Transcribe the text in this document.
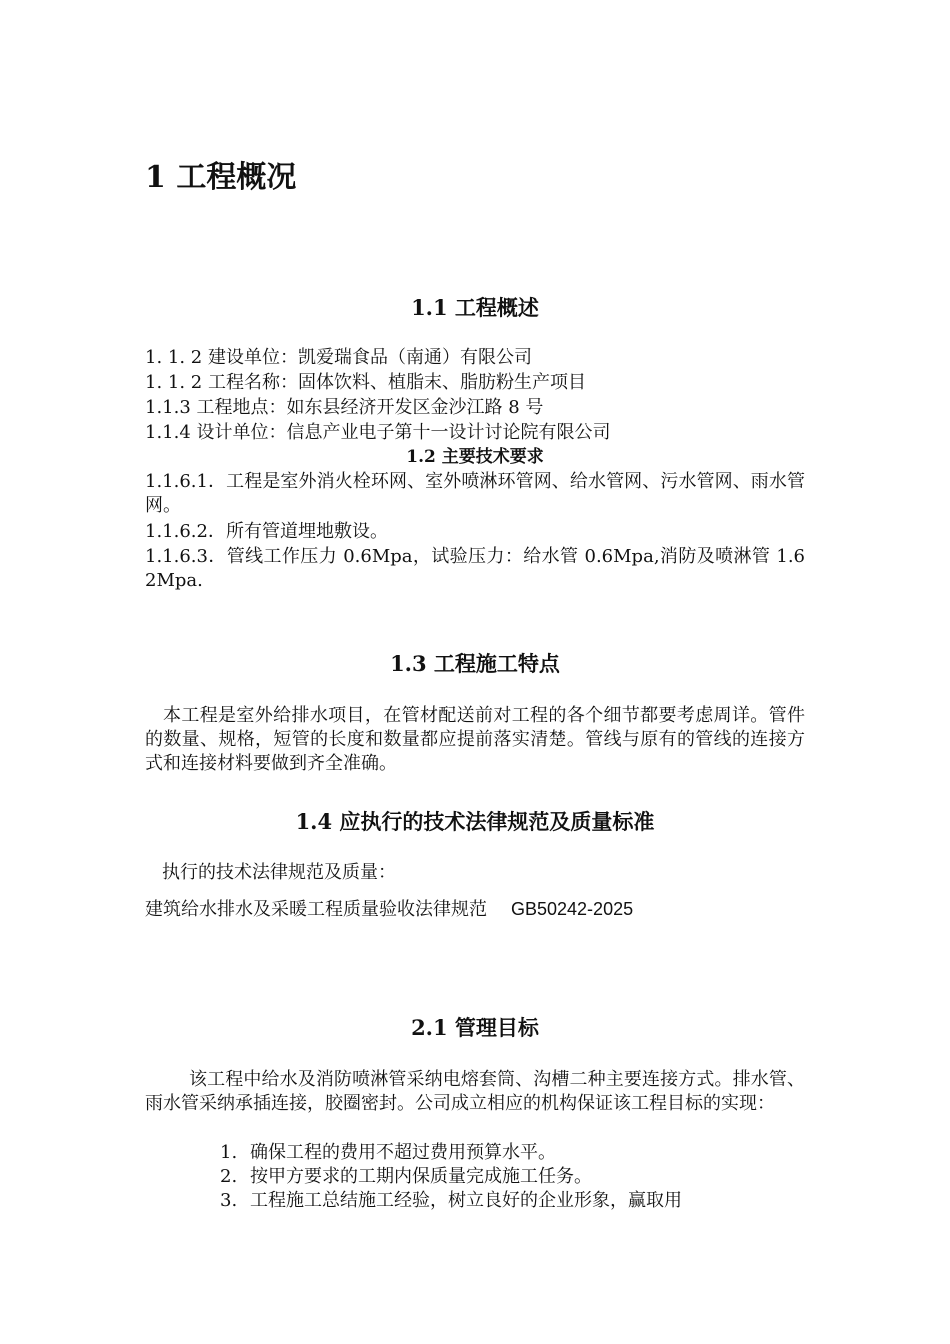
1 工程概况
1.1 工程概述
1. 1. 2 建设单位：凯爱瑞食品（南通）有限公司
1. 1. 2 工程名称：固体饮料、植脂末、脂肪粉生产项目
1.1.3 工程地点：如东县经济开发区金沙江路 8 号
1.1.4 设计单位：信息产业电子第十一设计讨论院有限公司
1.2 主要技术要求
1.1.6.1．工程是室外消火栓环网、室外喷淋环管网、给水管网、污水管网、雨水管网。
1.1.6.2．所有管道埋地敷设。
1.1.6.3．管线工作压力 0.6Mpa，试验压力：给水管 0.6Mpa,消防及喷淋管 1.62Mpa.
1.3 工程施工特点
本工程是室外给排水项目，在管材配送前对工程的各个细节都要考虑周详。管件的数量、规格，短管的长度和数量都应提前落实清楚。管线与原有的管线的连接方式和连接材料要做到齐全准确。
1.4 应执行的技术法律规范及质量标准
执行的技术法律规范及质量：
建筑给水排水及采暖工程质量验收法律规范 GB50242-2025
2.1 管理目标
该工程中给水及消防喷淋管采纳电熔套筒、沟槽二种主要连接方式。排水管、雨水管采纳承插连接，胶圈密封。公司成立相应的机构保证该工程目标的实现：
1. 确保工程的费用不超过费用预算水平。
2. 按甲方要求的工期内保质量完成施工任务。
3. 工程施工总结施工经验，树立良好的企业形象，赢取用
